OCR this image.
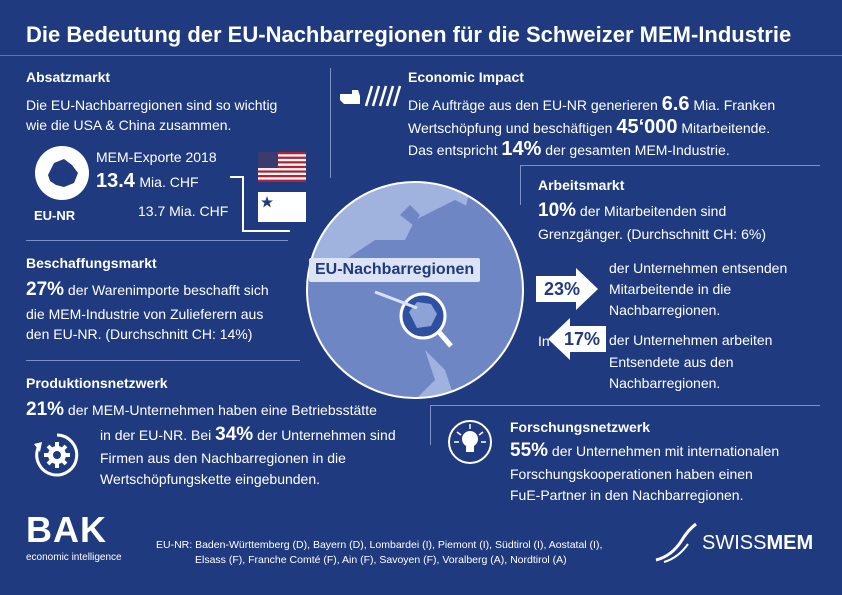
Die Bedeutung der EU-Nachbarregionen für die Schweizer MEM-Industrie
Absatzmarkt
Die EU-Nachbarregionen sind so wichtig
wie die USA & China zusammen.
EU-NR
MEM-Exporte 2018
13.4 Mia. CHF
13.7 Mia. CHF
Economic Impact
Die Aufträge aus den EU-NR generieren 6.6 Mia. Franken
Wertschöpfung und beschäftigen 45‘000 Mitarbeitende.
Das entspricht 14% der gesamten MEM-Industrie.
Arbeitsmarkt
10% der Mitarbeitenden sind
Grenzgänger. (Durchschnitt CH: 6%)
23%
der Unternehmen entsenden
Mitarbeitende in die
Nachbarregionen.
In 17% der Unternehmen arbeiten
Entsendete aus den
Nachbarregionen.
EU-Nachbarregionen
Beschaffungsmarkt
27% der Warenimporte beschafft sich
die MEM-Industrie von Zulieferern aus
den EU-NR. (Durchschnitt CH: 14%)
Produktionsnetzwerk
21% der MEM-Unternehmen haben eine Betriebsstätte
in der EU-NR. Bei 34% der Unternehmen sind
Firmen aus den Nachbarregionen in die
Wertschöpfungskette eingebunden.
Forschungsnetzwerk
55% der Unternehmen mit internationalen
Forschungskooperationen haben einen
FuE-Partner in den Nachbarregionen.
BAK
economic intelligence
EU-NR: Baden-Württemberg (D), Bayern (D), Lombardei (I), Piemont (I), Südtirol (I), Aostatal (I),
Elsass (F), Franche Comté (F), Ain (F), Savoyen (F), Voralberg (A), Nordtirol (A)
SWISSMEM
